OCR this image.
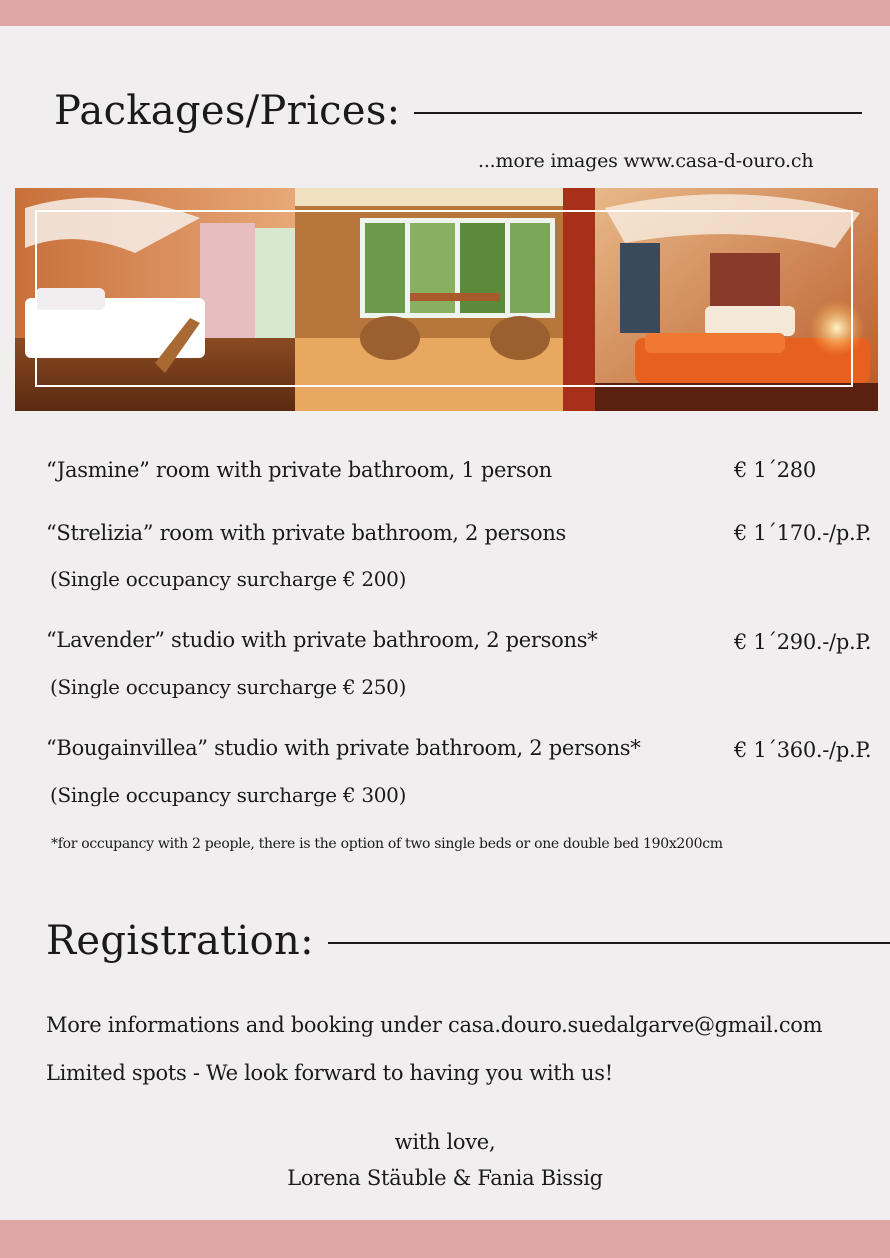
Packages/Prices:
...more images www.casa-d-ouro.ch
“Jasmine” room with private bathroom, 1 person	€ 1´280
“Strelizia” room with private bathroom, 2 persons	€ 1´170.-/p.P.
(Single occupancy surcharge € 200)
“Lavender” studio with private bathroom, 2 persons*	€ 1´290.-/p.P.
(Single occupancy surcharge € 250)
“Bougainvillea” studio with private bathroom, 2 persons*	€ 1´360.-/p.P.
(Single occupancy surcharge € 300)
*for occupancy with 2 people, there is the option of two single beds or one double bed 190x200cm
Registration:
More informations and booking under casa.douro.suedalgarve@gmail.com
Limited spots - We look forward to having you with us!
with love,
Lorena Stäuble & Fania Bissig
